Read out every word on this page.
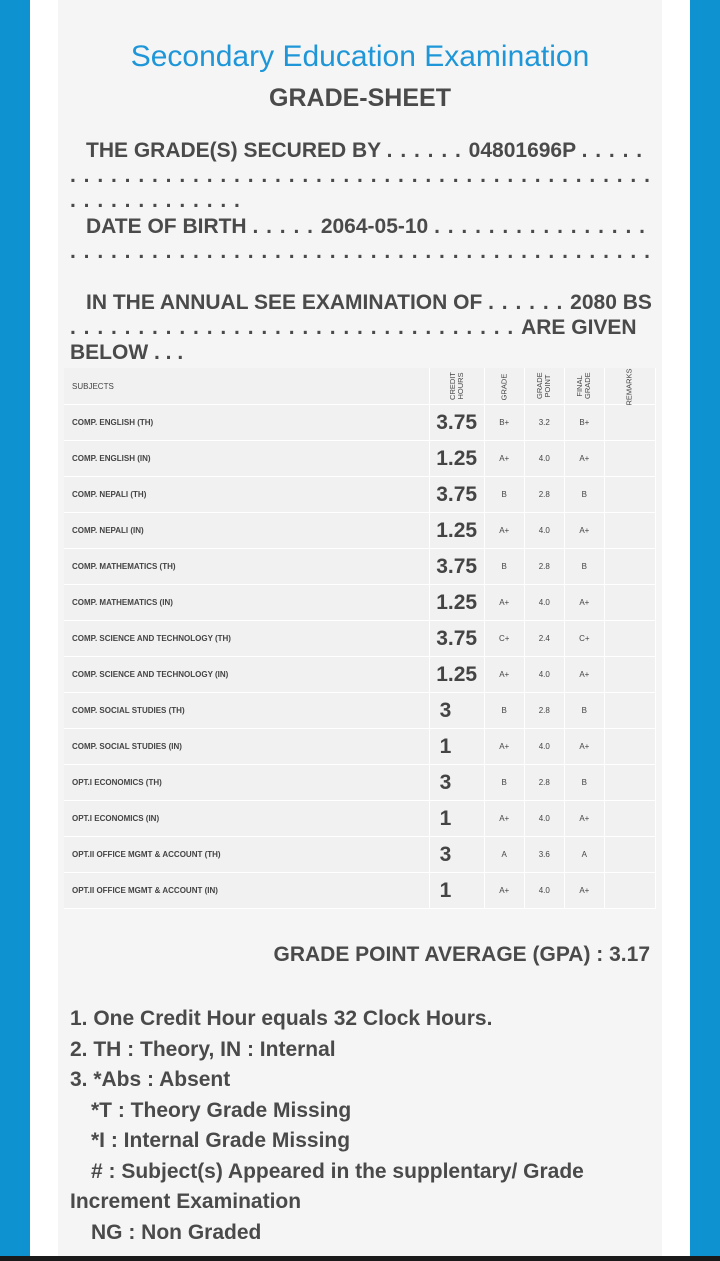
Secondary Education Examination
GRADE-SHEET
THE GRADE(S) SECURED BY . . . . . . 04801696P . . . . . . . . . . . . . . . . . . . . . . . . . . . . . . . . . . . . . . . . . . . . . . . . . . . . . . . . . . . . .
DATE OF BIRTH . . . . . 2064-05-10 . . . . . . . . . . . . . . . . . . . . . . . . . . . . . . . . . . . . . . . . . . . . . . . . . . . . . . . . . . .
IN THE ANNUAL SEE EXAMINATION OF . . . . . . 2080 BS . . . . . . . . . . . . . . . . . . . . . . . . . . . . . . . . . ARE GIVEN BELOW . . .
SUBJECTS	CREDIT HOURS	GRADE	GRADE POINT	FINAL GRADE	REMARKS
COMP. ENGLISH (TH)	3.75	B+	3.2	B+	
COMP. ENGLISH (IN)	1.25	A+	4.0	A+	
COMP. NEPALI (TH)	3.75	B	2.8	B	
COMP. NEPALI (IN)	1.25	A+	4.0	A+	
COMP. MATHEMATICS (TH)	3.75	B	2.8	B	
COMP. MATHEMATICS (IN)	1.25	A+	4.0	A+	
COMP. SCIENCE AND TECHNOLOGY (TH)	3.75	C+	2.4	C+	
COMP. SCIENCE AND TECHNOLOGY (IN)	1.25	A+	4.0	A+	
COMP. SOCIAL STUDIES (TH)	3	B	2.8	B	
COMP. SOCIAL STUDIES (IN)	1	A+	4.0	A+	
OPT.I ECONOMICS (TH)	3	B	2.8	B	
OPT.I ECONOMICS (IN)	1	A+	4.0	A+	
OPT.II OFFICE MGMT & ACCOUNT (TH)	3	A	3.6	A	
OPT.II OFFICE MGMT & ACCOUNT (IN)	1	A+	4.0	A+	
GRADE POINT AVERAGE (GPA) : 3.17
1. One Credit Hour equals 32 Clock Hours.
2. TH : Theory, IN : Internal
3. *Abs : Absent
*T : Theory Grade Missing
*I : Internal Grade Missing
# : Subject(s) Appeared in the supplentary/ Grade
Increment Examination
NG : Non Graded
